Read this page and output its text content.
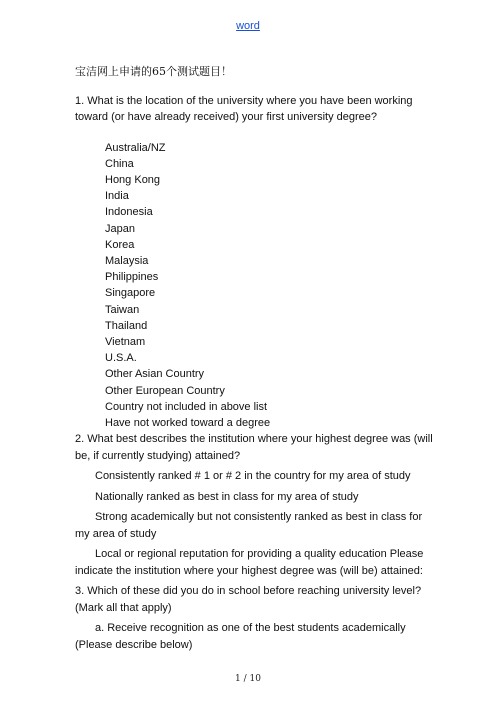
word

宝洁网上申请的65个测试题目！

1. What is the location of the university where you have been working toward (or have already received) your first university degree?

Australia/NZ
China
Hong Kong
India
Indonesia
Japan
Korea
Malaysia
Philippines
Singapore
Taiwan
Thailand
Vietnam
U.S.A.
Other Asian Country
Other European Country
Country not included in above list
Have not worked toward a degree

2. What best describes the institution where your highest degree was (will be, if currently studying) attained?

Consistently ranked # 1 or # 2 in the country for my area of study

Nationally ranked as best in class for my area of study

Strong academically but not consistently ranked as best in class for my area of study

Local or regional reputation for providing a quality education Please indicate the institution where your highest degree was (will be) attained:

3. Which of these did you do in school before reaching university level? (Mark all that apply)

a. Receive recognition as one of the best students academically (Please describe below)

1 / 10
